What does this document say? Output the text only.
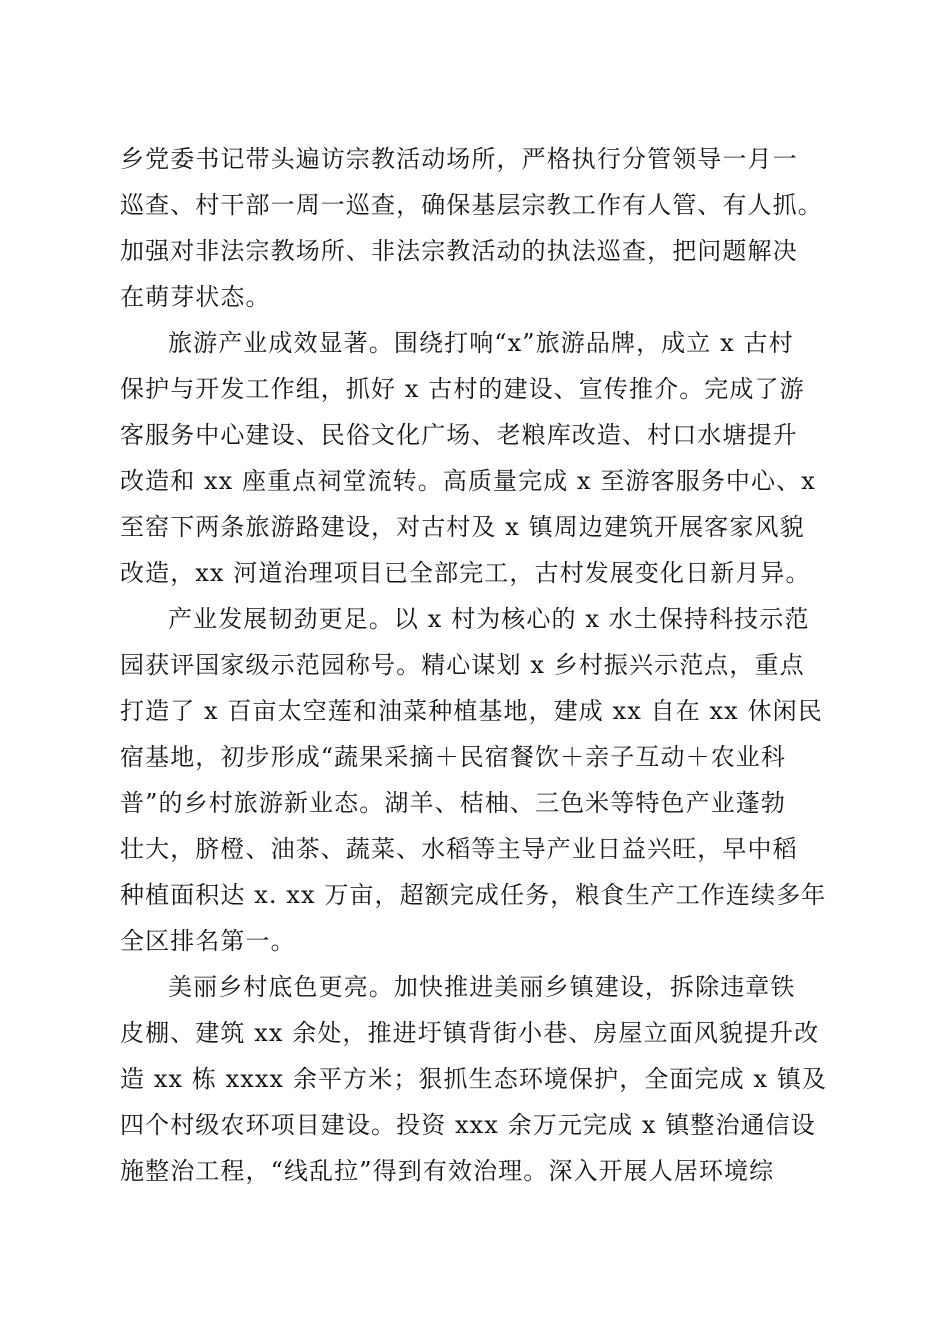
乡党委书记带头遍访宗教活动场所，严格执行分管领导一月一

巡查、村干部一周一巡查，确保基层宗教工作有人管、有人抓。

加强对非法宗教场所、非法宗教活动的执法巡查，把问题解决

在萌芽状态。

旅游产业成效显著。围绕打响“x”旅游品牌，成立 x 古村

保护与开发工作组，抓好 x 古村的建设、宣传推介。完成了游

客服务中心建设、民俗文化广场、老粮库改造、村口水塘提升

改造和 xx 座重点祠堂流转。高质量完成 x 至游客服务中心、x

至窑下两条旅游路建设，对古村及 x 镇周边建筑开展客家风貌

改造，xx 河道治理项目已全部完工，古村发展变化日新月异。

产业发展韧劲更足。以 x 村为核心的 x 水土保持科技示范

园获评国家级示范园称号。精心谋划 x 乡村振兴示范点，重点

打造了 x 百亩太空莲和油菜种植基地，建成 xx 自在 xx 休闲民

宿基地，初步形成“蔬果采摘＋民宿餐饮＋亲子互动＋农业科

普”的乡村旅游新业态。湖羊、桔柚、三色米等特色产业蓬勃

壮大，脐橙、油茶、蔬菜、水稻等主导产业日益兴旺，早中稻

种植面积达 x. xx 万亩，超额完成任务，粮食生产工作连续多年

全区排名第一。

美丽乡村底色更亮。加快推进美丽乡镇建设，拆除违章铁

皮棚、建筑 xx 余处，推进圩镇背街小巷、房屋立面风貌提升改

造 xx 栋 xxxx 余平方米；狠抓生态环境保护，全面完成 x 镇及

四个村级农环项目建设。投资 xxx 余万元完成 x 镇整治通信设

施整治工程，“线乱拉”得到有效治理。深入开展人居环境综
